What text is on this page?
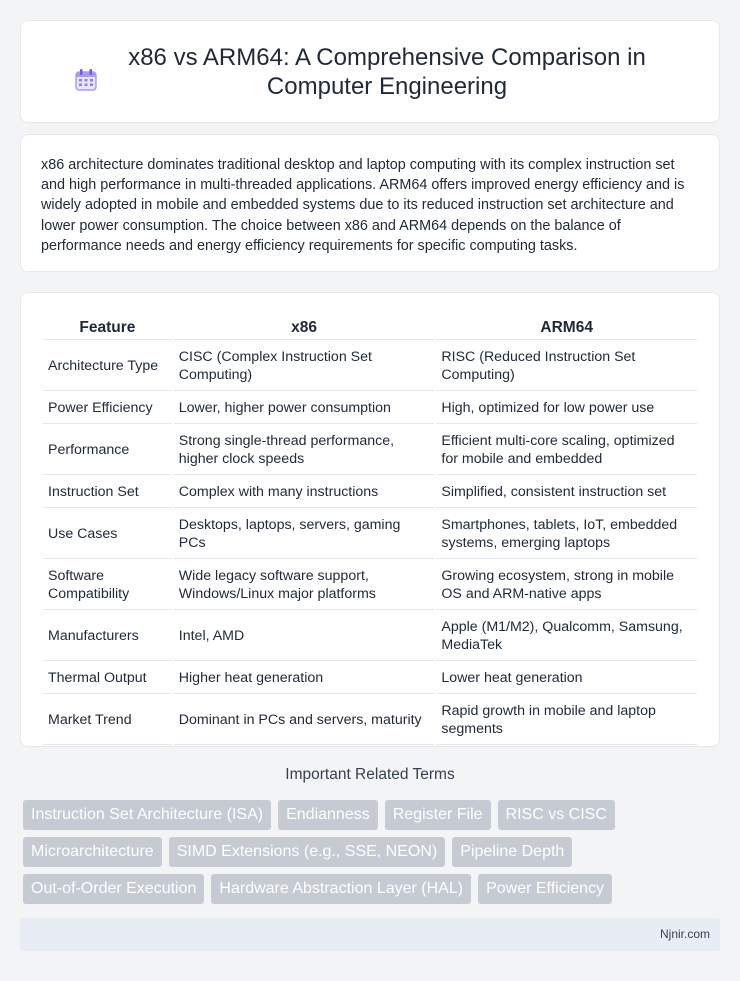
x86 vs ARM64: A Comprehensive Comparison in Computer Engineering

x86 architecture dominates traditional desktop and laptop computing with its complex instruction set and high performance in multi-threaded applications. ARM64 offers improved energy efficiency and is widely adopted in mobile and embedded systems due to its reduced instruction set architecture and lower power consumption. The choice between x86 and ARM64 depends on the balance of performance needs and energy efficiency requirements for specific computing tasks.

Feature	x86	ARM64
Architecture Type	CISC (Complex Instruction Set Computing)	RISC (Reduced Instruction Set Computing)
Power Efficiency	Lower, higher power consumption	High, optimized for low power use
Performance	Strong single-thread performance, higher clock speeds	Efficient multi-core scaling, optimized for mobile and embedded
Instruction Set	Complex with many instructions	Simplified, consistent instruction set
Use Cases	Desktops, laptops, servers, gaming PCs	Smartphones, tablets, IoT, embedded systems, emerging laptops
Software Compatibility	Wide legacy software support, Windows/Linux major platforms	Growing ecosystem, strong in mobile OS and ARM-native apps
Manufacturers	Intel, AMD	Apple (M1/M2), Qualcomm, Samsung, MediaTek
Thermal Output	Higher heat generation	Lower heat generation
Market Trend	Dominant in PCs and servers, maturity	Rapid growth in mobile and laptop segments
Important Related Terms
Instruction Set Architecture (ISA)	Endianness	Register File	RISC vs CISC
Microarchitecture	SIMD Extensions (e.g., SSE, NEON)	Pipeline Depth
Out-of-Order Execution	Hardware Abstraction Layer (HAL)	Power Efficiency
Njnir.com
